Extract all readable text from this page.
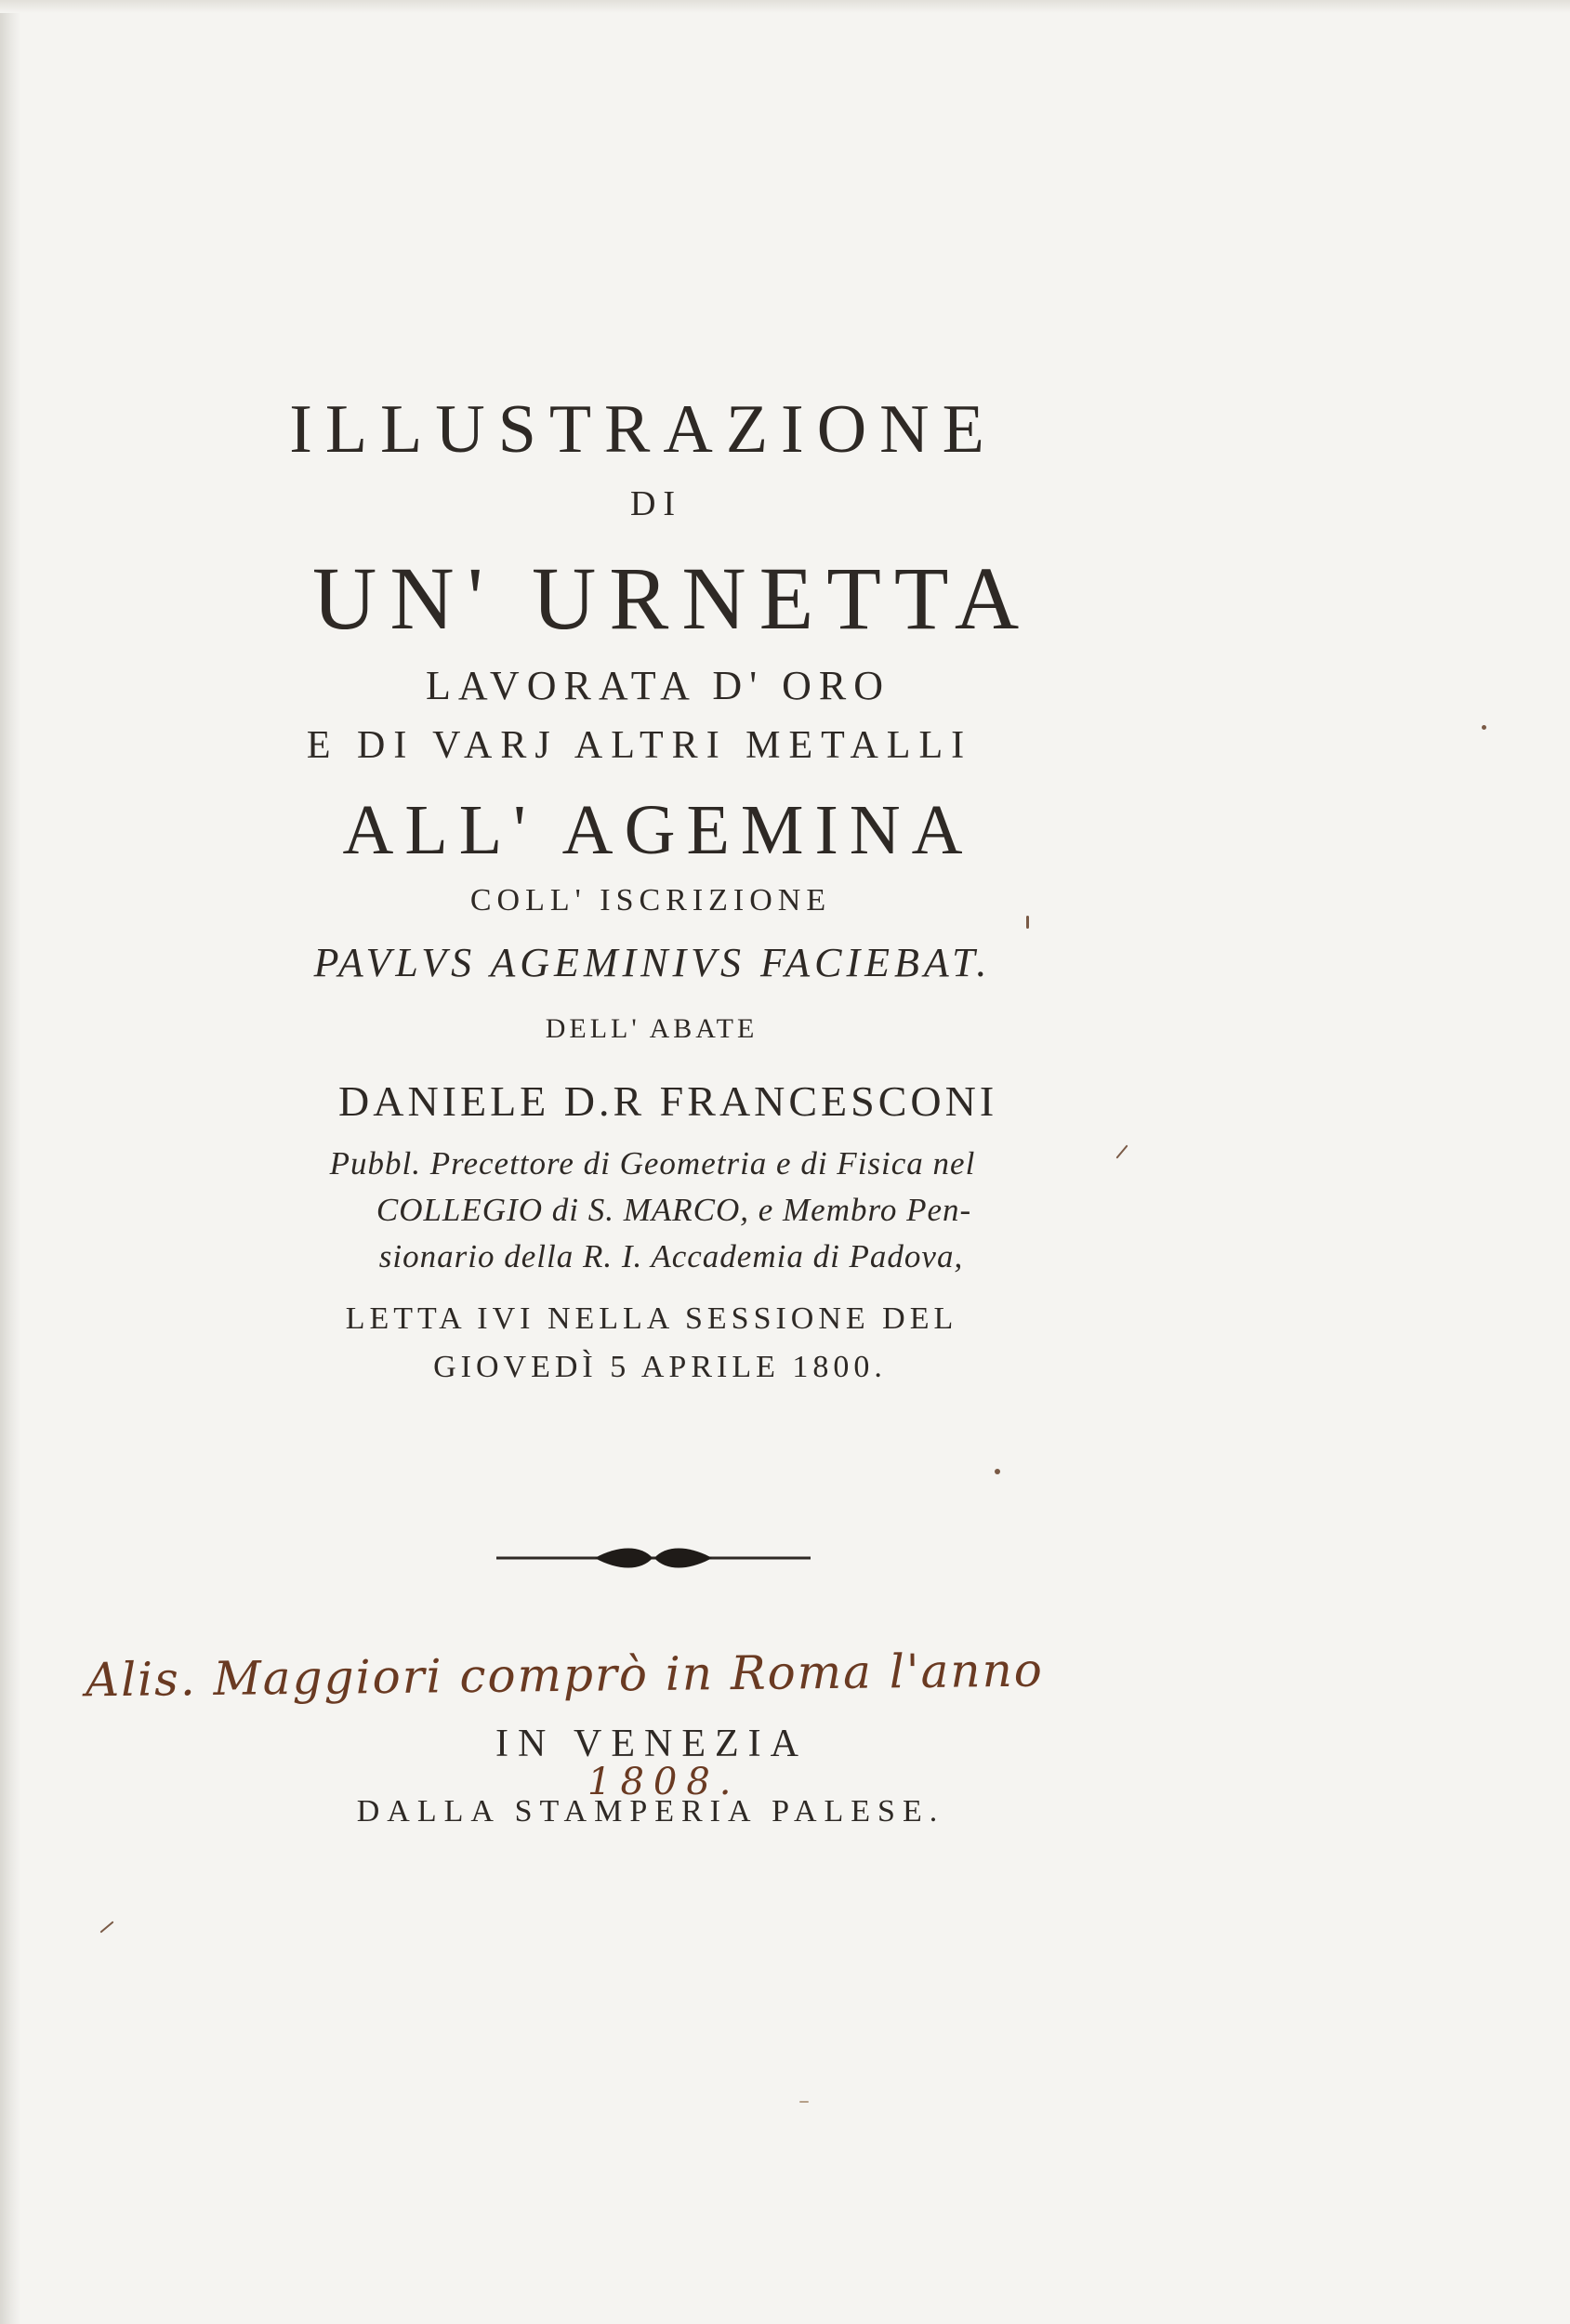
ILLUSTRAZIONE
DI
UN' URNETTA
LAVORATA D' ORO
E DI VARJ ALTRI METALLI
ALL' AGEMINA
COLL' ISCRIZIONE
PAVLVS AGEMINIVS FACIEBAT.
DELL' ABATE
DANIELE D.R FRANCESCONI
Pubbl. Precettore di Geometria e di Fisica nel
COLLEGIO di S. MARCO, e Membro Pen-
sionario della R. I. Accademia di Padova,
LETTA IVI NELLA SESSIONE DEL
GIOVEDÌ 5 APRILE 1800.
Alis. Maggiori comprò in Roma l'anno
IN VENEZIA
1808.
DALLA STAMPERIA PALESE.
